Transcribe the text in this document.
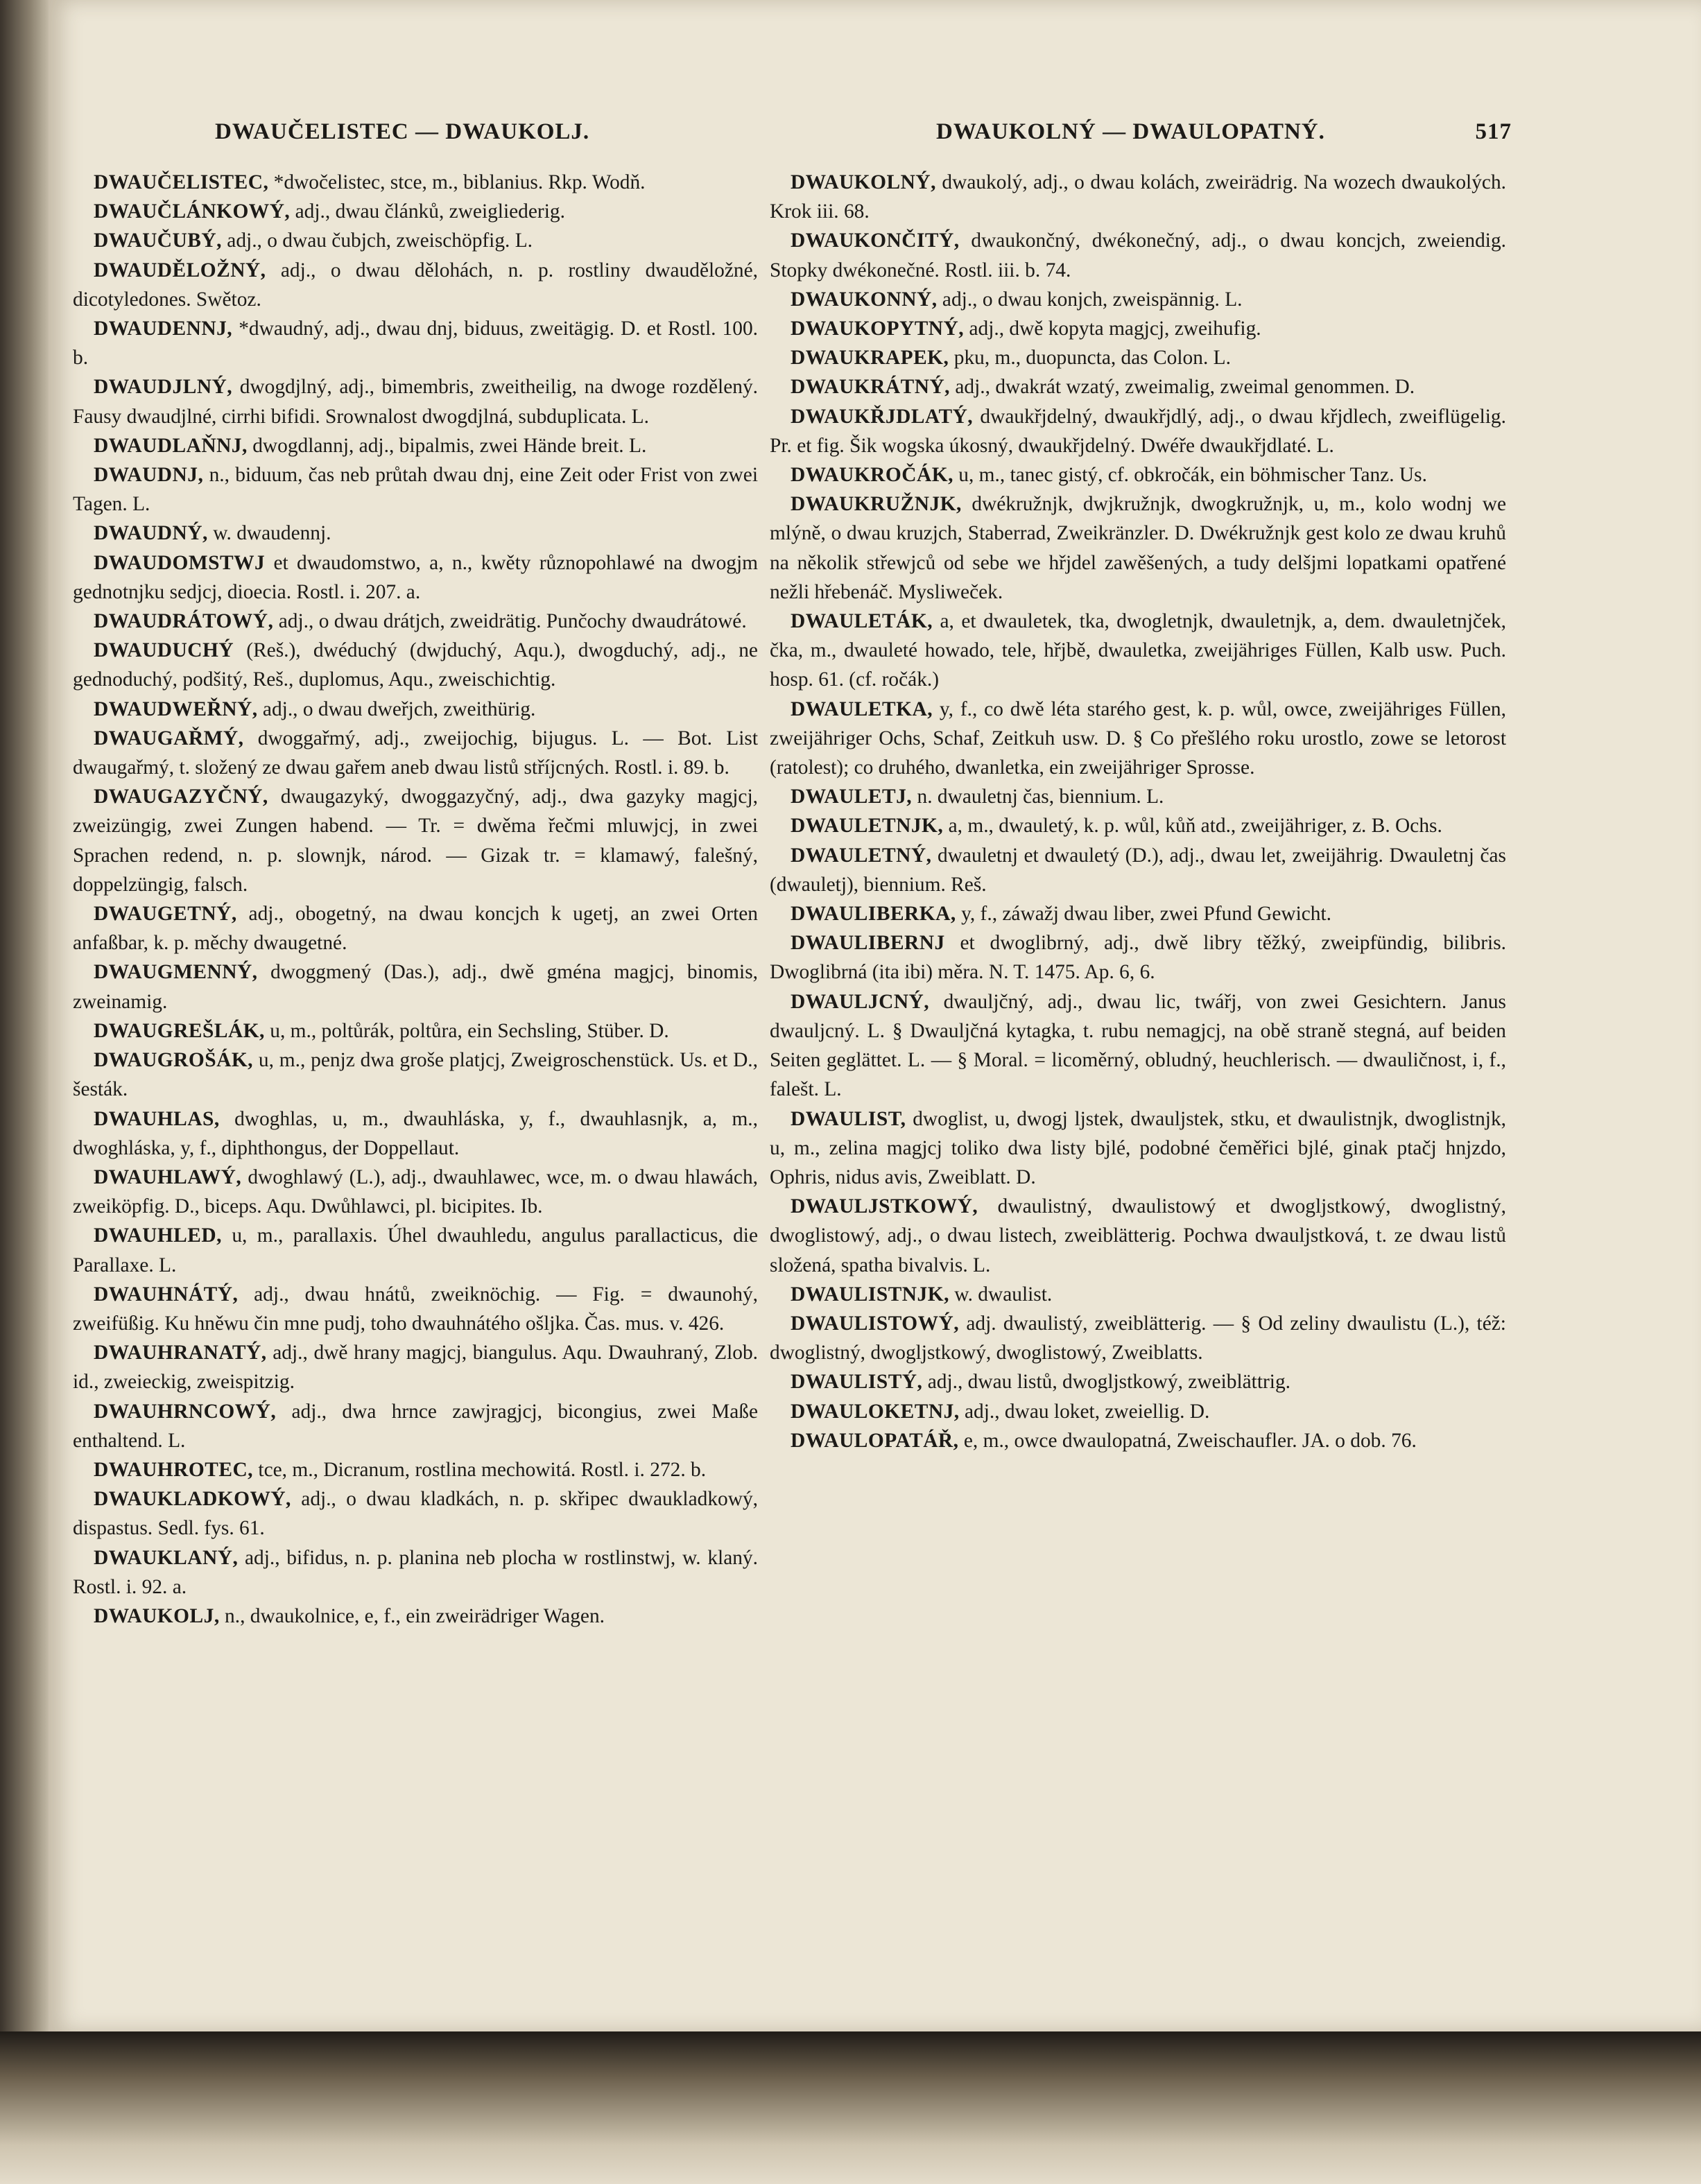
DWAUČELISTEC — DWAUKOLJ.	DWAUKOLNÝ — DWAULOPATNÝ.	517

DWAUČELISTEC, *dwočelistec, stce, m., biblanius. Rkp. Wodň.

DWAUČLÁNKOWÝ, adj., dwau článků, zweigliederig.

DWAUČUBÝ, adj., o dwau čubjch, zweischöpfig. L.

DWAUDĚLOŽNÝ, adj., o dwau dělohách, n. p. rostliny dwauděložné, dicotyledones. Swětoz.

DWAUDENNJ, *dwaudný, adj., dwau dnj, biduus, zweitägig. D. et Rostl. 100. b.

DWAUDJLNÝ, dwogdjlný, adj., bimembris, zweitheilig, na dwoge rozdělený. Fausy dwaudjlné, cirrhi bifidi. Srownalost dwogdjlná, subduplicata. L.

DWAUDLAŇNJ, dwogdlannj, adj., bipalmis, zwei Hände breit. L.

DWAUDNJ, n., biduum, čas neb průtah dwau dnj, eine Zeit oder Frist von zwei Tagen. L.

DWAUDNÝ, w. dwaudennj.

DWAUDOMSTWJ et dwaudomstwo, a, n., kwěty různopohlawé na dwogjm gednotnjku sedjcj, dioecia. Rostl. i. 207. a.

DWAUDRÁTOWÝ, adj., o dwau drátjch, zweidrätig. Punčochy dwaudrátowé.

DWAUDUCHÝ (Reš.), dwéduchý (dwjduchý, Aqu.), dwogduchý, adj., ne gednoduchý, podšitý, Reš., duplomus, Aqu., zweischichtig.

DWAUDWEŘNÝ, adj., o dwau dweřjch, zweithürig.

DWAUGAŘMÝ, dwoggařmý, adj., zweijochig, bijugus. L. — Bot. List dwaugařmý, t. složený ze dwau gařem aneb dwau listů stříjcných. Rostl. i. 89. b.

DWAUGAZYČNÝ, dwaugazyký, dwoggazyčný, adj., dwa gazyky magjcj, zweizüngig, zwei Zungen habend. — Tr. = dwěma řečmi mluwjcj, in zwei Sprachen redend, n. p. slownjk, národ. — Gizak tr. = klamawý, falešný, doppelzüngig, falsch.

DWAUGETNÝ, adj., obogetný, na dwau koncjch k ugetj, an zwei Orten anfaßbar, k. p. měchy dwaugetné.

DWAUGMENNÝ, dwoggmený (Das.), adj., dwě gména magjcj, binomis, zweinamig.

DWAUGREŠLÁK, u, m., poltůrák, poltůra, ein Sechsling, Stüber. D.

DWAUGROŠÁK, u, m., penjz dwa groše platjcj, Zweigroschenstück. Us. et D., šesták.

DWAUHLAS, dwoghlas, u, m., dwauhláska, y, f., dwauhlasnjk, a, m., dwoghláska, y, f., diphthongus, der Doppellaut.

DWAUHLAWÝ, dwoghlawý (L.), adj., dwauhlawec, wce, m. o dwau hlawách, zweiköpfig. D., biceps. Aqu. Dwůhlawci, pl. bicipites. Ib.

DWAUHLED, u, m., parallaxis. Úhel dwauhledu, angulus parallacticus, die Parallaxe. L.

DWAUHNÁTÝ, adj., dwau hnátů, zweiknöchig. — Fig. = dwaunohý, zweifüßig. Ku hněwu čin mne pudj, toho dwauhnátého ošljka. Čas. mus. v. 426.

DWAUHRANATÝ, adj., dwě hrany magjcj, biangulus. Aqu. Dwauhraný, Zlob. id., zweieckig, zweispitzig.

DWAUHRNCOWÝ, adj., dwa hrnce zawjragjcj, bicongius, zwei Maße enthaltend. L.

DWAUHROTEC, tce, m., Dicranum, rostlina mechowitá. Rostl. i. 272. b.

DWAUKLADKOWÝ, adj., o dwau kladkách, n. p. skřipec dwaukladkowý, dispastus. Sedl. fys. 61.

DWAUKLANÝ, adj., bifidus, n. p. planina neb plocha w rostlinstwj, w. klaný. Rostl. i. 92. a.

DWAUKOLJ, n., dwaukolnice, e, f., ein zweirädriger Wagen.

DWAUKOLNÝ, dwaukolý, adj., o dwau kolách, zweirädrig. Na wozech dwaukolých. Krok iii. 68.

DWAUKONČITÝ, dwaukončný, dwékonečný, adj., o dwau koncjch, zweiendig. Stopky dwékonečné. Rostl. iii. b. 74.

DWAUKONNÝ, adj., o dwau konjch, zweispännig. L.

DWAUKOPYTNÝ, adj., dwě kopyta magjcj, zweihufig.

DWAUKRAPEK, pku, m., duopuncta, das Colon. L.

DWAUKRÁTNÝ, adj., dwakrát wzatý, zweimalig, zweimal genommen. D.

DWAUKŘJDLATÝ, dwaukřjdelný, dwaukřjdlý, adj., o dwau křjdlech, zweiflügelig. Pr. et fig. Šik wogska úkosný, dwaukřjdelný. Dwéře dwaukřjdlaté. L.

DWAUKROČÁK, u, m., tanec gistý, cf. obkročák, ein böhmischer Tanz. Us.

DWAUKRUŽNJK, dwékružnjk, dwjkružnjk, dwogkružnjk, u, m., kolo wodnj we mlýně, o dwau kruzjch, Staberrad, Zweikränzler. D. Dwékružnjk gest kolo ze dwau kruhů na několik střewjců od sebe we hřjdel zawěšených, a tudy delšjmi lopatkami opatřené nežli hřebenáč. Mysliweček.

DWAULETÁK, a, et dwauletek, tka, dwogletnjk, dwauletnjk, a, dem. dwauletnjček, čka, m., dwauleté howado, tele, hřjbě, dwauletka, zweijähriges Füllen, Kalb usw. Puch. hosp. 61. (cf. ročák.)

DWAULETKA, y, f., co dwě léta starého gest, k. p. wůl, owce, zweijähriges Füllen, zweijähriger Ochs, Schaf, Zeitkuh usw. D. § Co přešlého roku urostlo, zowe se letorost (ratolest); co druhého, dwanletka, ein zweijähriger Sprosse.

DWAULETJ, n. dwauletnj čas, biennium. L.

DWAULETNJK, a, m., dwauletý, k. p. wůl, kůň atd., zweijähriger, z. B. Ochs.

DWAULETNÝ, dwauletnj et dwauletý (D.), adj., dwau let, zweijährig. Dwauletnj čas (dwauletj), biennium. Reš.

DWAULIBERKA, y, f., záwažj dwau liber, zwei Pfund Gewicht.

DWAULIBERNJ et dwoglibrný, adj., dwě libry těžký, zweipfündig, bilibris. Dwoglibrná (ita ibi) měra. N. T. 1475. Ap. 6, 6.

DWAULJCNÝ, dwauljčný, adj., dwau lic, twářj, von zwei Gesichtern. Janus dwauljcný. L. § Dwauljčná kytagka, t. rubu nemagjcj, na obě straně stegná, auf beiden Seiten geglättet. L. — § Moral. = licoměrný, obludný, heuchlerisch. — dwauličnost, i, f., falešt. L.

DWAULIST, dwoglist, u, dwogj ljstek, dwauljstek, stku, et dwaulistnjk, dwoglistnjk, u, m., zelina magjcj toliko dwa listy bjlé, podobné čeměřici bjlé, ginak ptačj hnjzdo, Ophris, nidus avis, Zweiblatt. D.

DWAULJSTKOWÝ, dwaulistný, dwaulistowý et dwogljstkowý, dwoglistný, dwoglistowý, adj., o dwau listech, zweiblätterig. Pochwa dwauljstková, t. ze dwau listů složená, spatha bivalvis. L.

DWAULISTNJK, w. dwaulist.

DWAULISTOWÝ, adj. dwaulistý, zweiblätterig. — § Od zeliny dwaulistu (L.), též: dwoglistný, dwogljstkowý, dwoglistowý, Zweiblatts.

DWAULISTÝ, adj., dwau listů, dwogljstkowý, zweiblättrig.

DWAULOKETNJ, adj., dwau loket, zweiellig. D.

DWAULOPATÁŘ, e, m., owce dwaulopatná, Zweischaufler. JA. o dob. 76.
